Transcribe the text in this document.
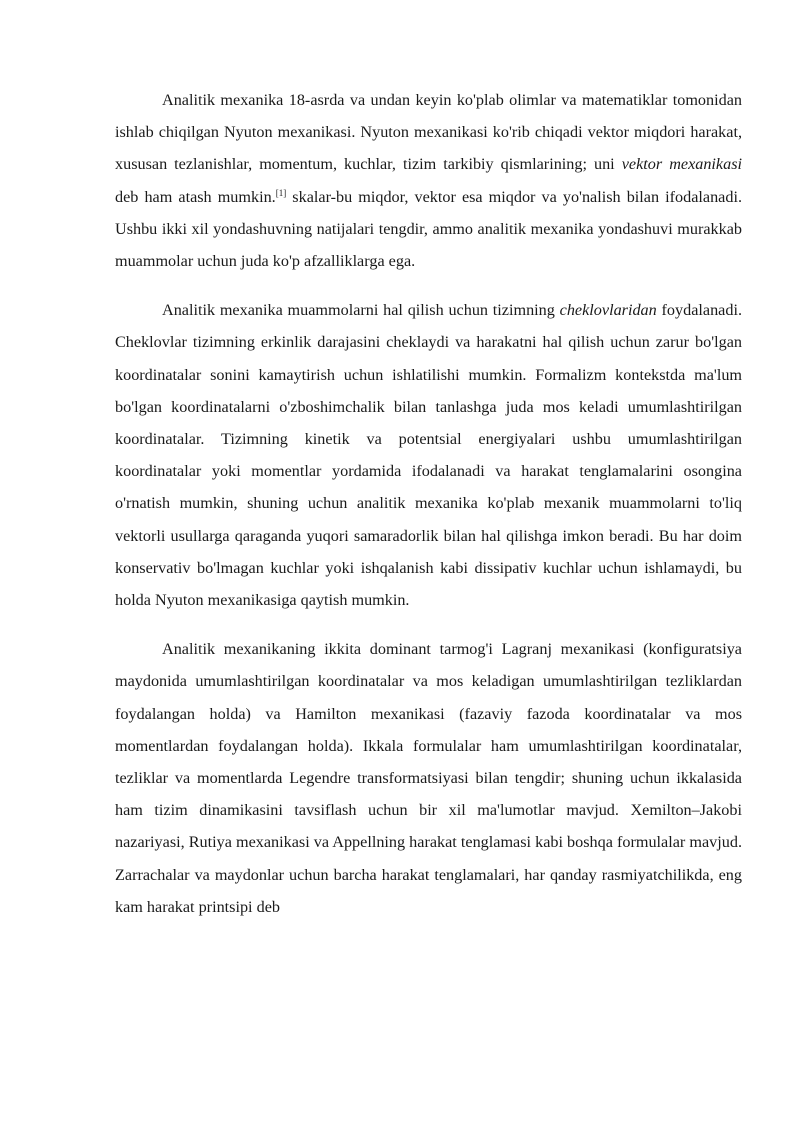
Analitik mexanika 18-asrda va undan keyin ko'plab olimlar va matematiklar tomonidan ishlab chiqilgan Nyuton mexanikasi. Nyuton mexanikasi ko'rib chiqadi vektor miqdori harakat, xususan tezlanishlar, momentum, kuchlar, tizim tarkibiy qismlarining; uni vektor mexanikasi deb ham atash mumkin.[1] skalar-bu miqdor, vektor esa miqdor va yo'nalish bilan ifodalanadi. Ushbu ikki xil yondashuvning natijalari tengdir, ammo analitik mexanika yondashuvi murakkab muammolar uchun juda ko'p afzalliklarga ega.

Analitik mexanika muammolarni hal qilish uchun tizimning cheklovlaridan foydalanadi. Cheklovlar tizimning erkinlik darajasini cheklaydi va harakatni hal qilish uchun zarur bo'lgan koordinatalar sonini kamaytirish uchun ishlatilishi mumkin. Formalizm kontekstda ma'lum bo'lgan koordinatalarni o'zboshimchalik bilan tanlashga juda mos keladi umumlashtirilgan koordinatalar. Tizimning kinetik va potentsial energiyalari ushbu umumlashtirilgan koordinatalar yoki momentlar yordamida ifodalanadi va harakat tenglamalarini osongina o'rnatish mumkin, shuning uchun analitik mexanika ko'plab mexanik muammolarni to'liq vektorli usullarga qaraganda yuqori samaradorlik bilan hal qilishga imkon beradi. Bu har doim konservativ bo'lmagan kuchlar yoki ishqalanish kabi dissipativ kuchlar uchun ishlamaydi, bu holda Nyuton mexanikasiga qaytish mumkin.

Analitik mexanikaning ikkita dominant tarmog'i Lagranj mexanikasi (konfiguratsiya maydonida umumlashtirilgan koordinatalar va mos keladigan umumlashtirilgan tezliklardan foydalangan holda) va Hamilton mexanikasi (fazaviy fazoda koordinatalar va mos momentlardan foydalangan holda). Ikkala formulalar ham umumlashtirilgan koordinatalar, tezliklar va momentlarda Legendre transformatsiyasi bilan tengdir; shuning uchun ikkalasida ham tizim dinamikasini tavsiflash uchun bir xil ma'lumotlar mavjud. Xemilton–Jakobi nazariyasi, Rutiya mexanikasi va Appellning harakat tenglamasi kabi boshqa formulalar mavjud. Zarrachalar va maydonlar uchun barcha harakat tenglamalari, har qanday rasmiyatchilikda, eng kam harakat printsipi deb
